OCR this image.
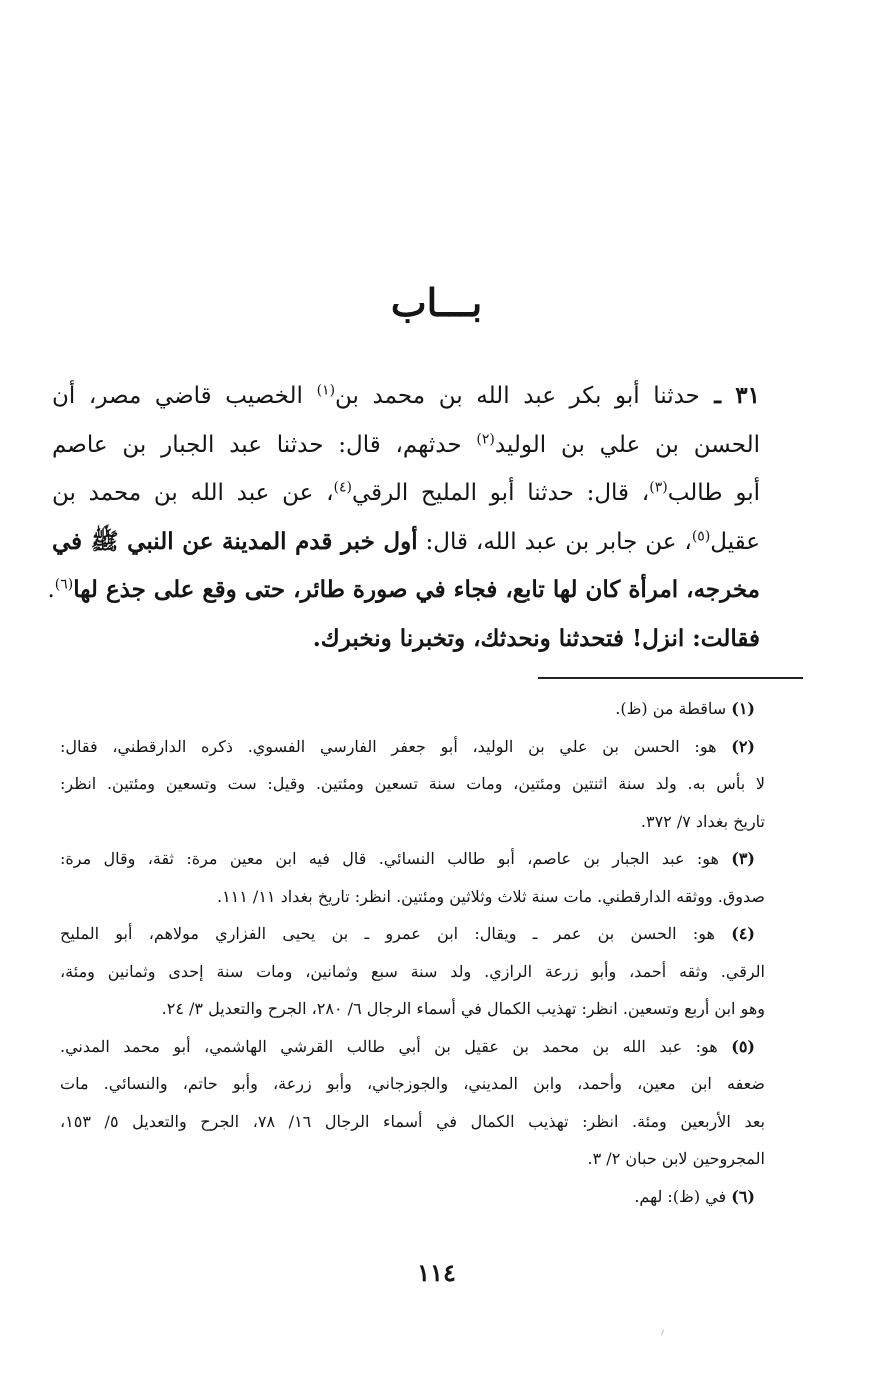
بـــاب
٣١ ـ حدثنا أبو بكر عبد الله بن محمد بن$^{(١)}$ الخصيب قاضي مصر، أن
الحسن بن علي بن الوليد$^{(٢)}$ حدثهم، قال: حدثنا عبد الجبار بن عاصم
أبو طالب$^{(٣)}$، قال: حدثنا أبو المليح الرقي$^{(٤)}$، عن عبد الله بن محمد بن
عقيل$^{(٥)}$، عن جابر بن عبد الله، قال: أول خبر قدم المدينة عن النبي ﷺ في
مخرجه، امرأة كان لها تابع، فجاء في صورة طائر، حتى وقع على جذع لها$^{(٦)}$.
فقالت: انزل! فتحدثنا ونحدثك، وتخبرنا ونخبرك.
(١) ساقطة من (ظ).
(٢) هو: الحسن بن علي بن الوليد، أبو جعفر الفارسي الفسوي. ذكره الدارقطني، فقال:
لا بأس به. ولد سنة اثنتين ومئتين، ومات سنة تسعين ومئتين. وقيل: ست وتسعين ومئتين. انظر:
تاريخ بغداد ٧/ ٣٧٢.
(٣) هو: عبد الجبار بن عاصم، أبو طالب النسائي. قال فيه ابن معين مرة: ثقة، وقال مرة:
صدوق. ووثقه الدارقطني. مات سنة ثلاث وثلاثين ومئتين. انظر: تاريخ بغداد ١١/ ١١١.
(٤) هو: الحسن بن عمر ـ ويقال: ابن عمرو ـ بن يحيى الفزاري مولاهم، أبو المليح
الرقي. وثقه أحمد، وأبو زرعة الرازي. ولد سنة سبع وثمانين، ومات سنة إحدى وثمانين ومئة،
وهو ابن أربع وتسعين. انظر: تهذيب الكمال في أسماء الرجال ٦/ ٢٨٠، الجرح والتعديل ٣/ ٢٤.
(٥) هو: عبد الله بن محمد بن عقيل بن أبي طالب القرشي الهاشمي، أبو محمد المدني.
ضعفه ابن معين، وأحمد، وابن المديني، والجوزجاني، وأبو زرعة، وأبو حاتم، والنسائي. مات
بعد الأربعين ومئة. انظر: تهذيب الكمال في أسماء الرجال ١٦/ ٧٨، الجرح والتعديل ٥/ ١٥٣،
المجروحين لابن حبان ٢/ ٣.
(٦) في (ظ): لهم.
١١٤
